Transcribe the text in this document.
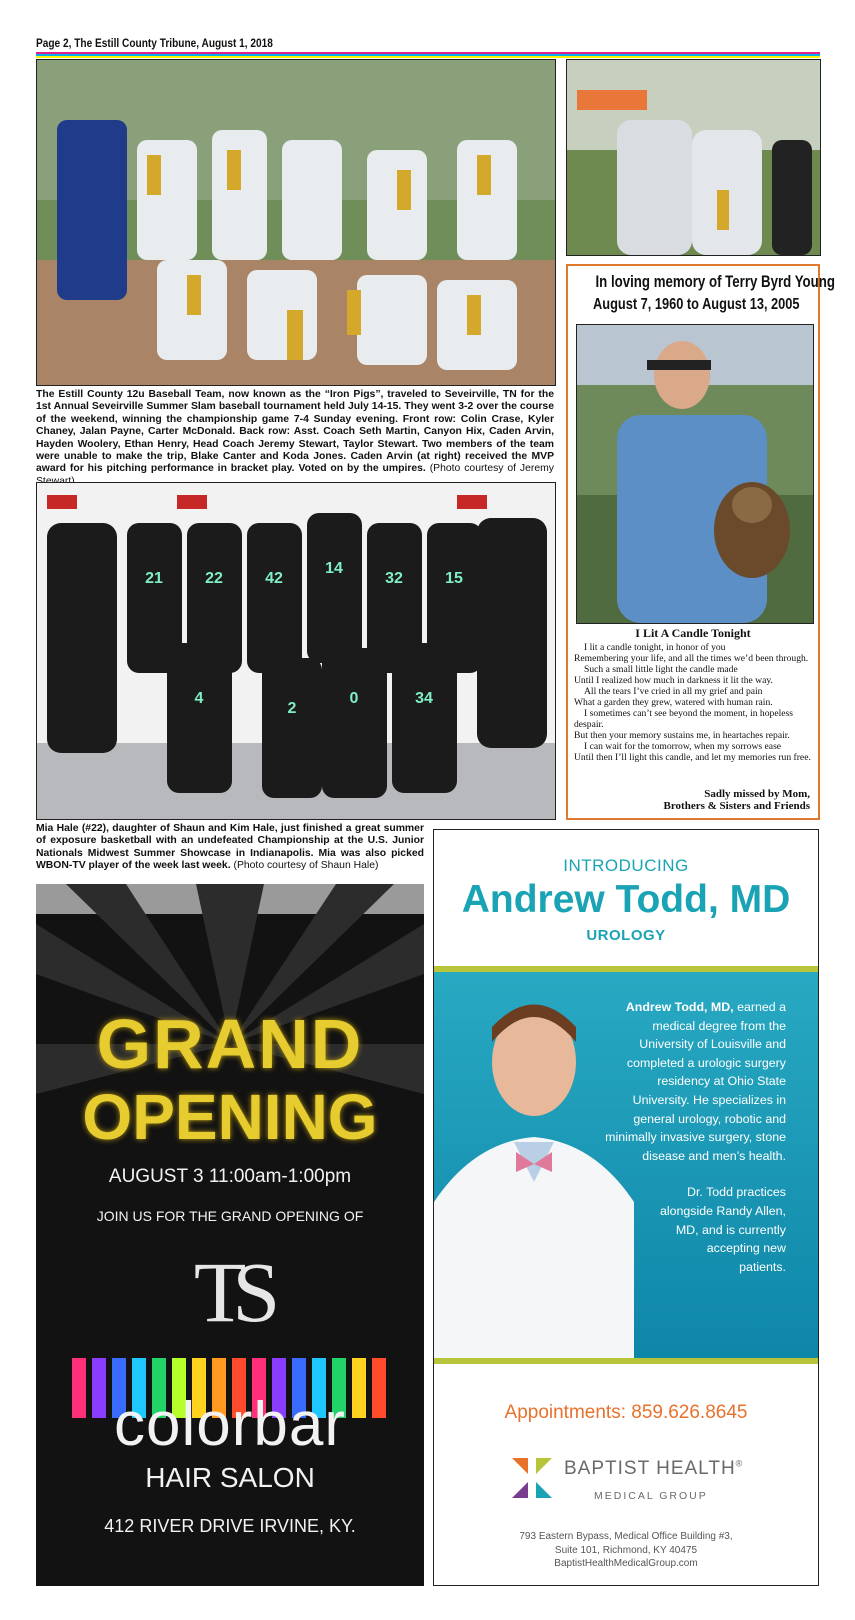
Page 2, The Estill County Tribune, August 1, 2018
The Estill County 12u Baseball Team, now known as the “Iron Pigs”, traveled to Seveirville, TN for the 1st Annual Seveirville Summer Slam baseball tournament held July 14-15. They went 3-2 over the course of the weekend, winning the championship game 7-4 Sunday evening. Front row: Colin Crase, Kyler Chaney, Jalan Payne, Carter McDonald. Back row: Asst. Coach Seth Martin, Canyon Hix, Caden Arvin, Hayden Woolery, Ethan Henry, Head Coach Jeremy Stewart, Taylor Stewart. Two members of the team were unable to make the trip, Blake Canter and Koda Jones. Caden Arvin (at right) received the MVP award for his pitching performance in bracket play. Voted on by the umpires. (Photo courtesy of Jeremy
21	22	42
14
32	15
4
2
0	34
Mia Hale (#22), daughter of Shaun and Kim Hale, just finished a great summer of exposure basketball with an undefeated Championship at the U.S. Junior Nationals Midwest Summer Showcase in Indianapolis. Mia was also picked WBON-TV player of the week last week. (Photo courtesy of Shaun Hale)
In loving memory of Terry Byrd Young
August 7, 1960 to August 13, 2005
I Lit A Candle Tonight
I lit a candle tonight, in honor of you
Remembering your life, and all the times we’d been through.
Such a small little light the candle made
Until I realized how much in darkness it lit the way.
All the tears I’ve cried in all my grief and pain
What a garden they grew, watered with human rain.
I sometimes can’t see beyond the moment, in hopeless despair.
But then your memory sustains me, in heartaches repair.
I can wait for the tomorrow, when my sorrows ease
Until then I’ll light this candle, and let my memories run free.
Sadly missed by Mom,
Brothers & Sisters and Friends
GRAND
OPENING
AUGUST 3 11:00am-1:00pm
JOIN US FOR THE GRAND OPENING OF
TS
colorbar
HAIR SALON
412 RIVER DRIVE IRVINE, KY.
INTRODUCING
Andrew Todd, MD
UROLOGY
Andrew Todd, MD, earned a medical degree from the University of Louisville and completed a urologic surgery residency at Ohio State University. He specializes in general urology, robotic and minimally invasive surgery, stone disease and men’s health.
Dr. Todd practices alongside Randy Allen, MD, and is currently accepting new patients.
Appointments: 859.626.8645
BAPTIST HEALTH®
MEDICAL GROUP
793 Eastern Bypass, Medical Office Building #3,
Suite 101, Richmond, KY 40475
BaptistHealthMedicalGroup.com
